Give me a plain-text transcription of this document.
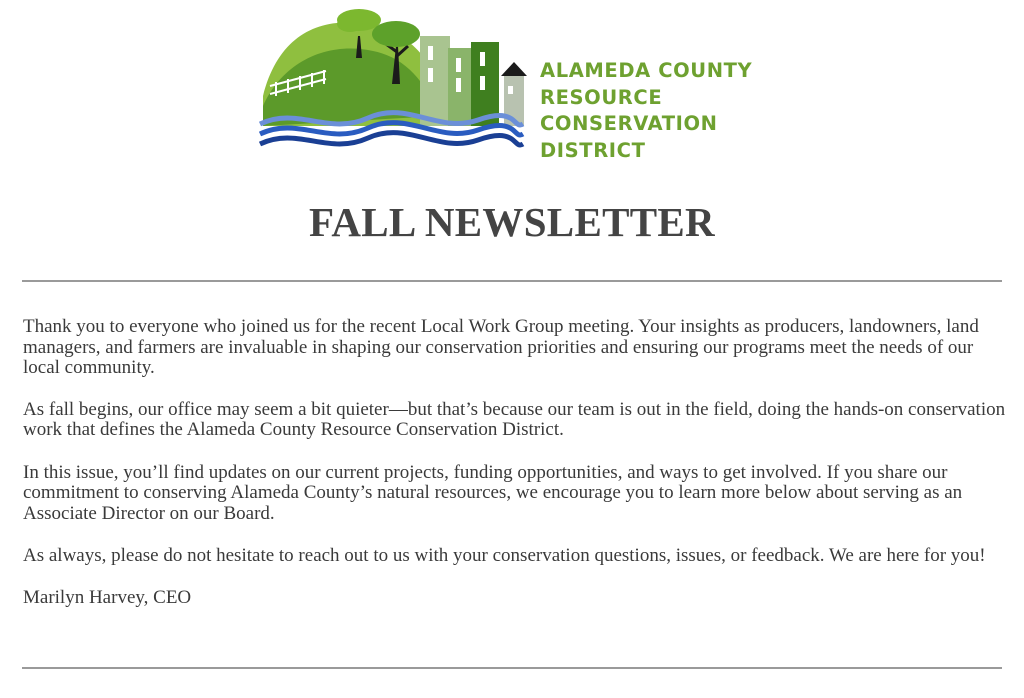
ALAMEDA COUNTY
RESOURCE
CONSERVATION
DISTRICT
FALL NEWSLETTER

Thank you to everyone who joined us for the recent Local Work Group meeting. Your insights as producers, landowners, land managers, and farmers are invaluable in shaping our conservation priorities and ensuring our programs meet the needs of our local community.

As fall begins, our office may seem a bit quieter—but that’s because our team is out in the field, doing the hands-on conservation work that defines the Alameda County Resource Conservation District.

In this issue, you’ll find updates on our current projects, funding opportunities, and ways to get involved. If you share our commitment to conserving Alameda County’s natural resources, we encourage you to learn more below about serving as an Associate Director on our Board.

As always, please do not hesitate to reach out to us with your conservation questions, issues, or feedback. We are here for you!

Marilyn Harvey, CEO
